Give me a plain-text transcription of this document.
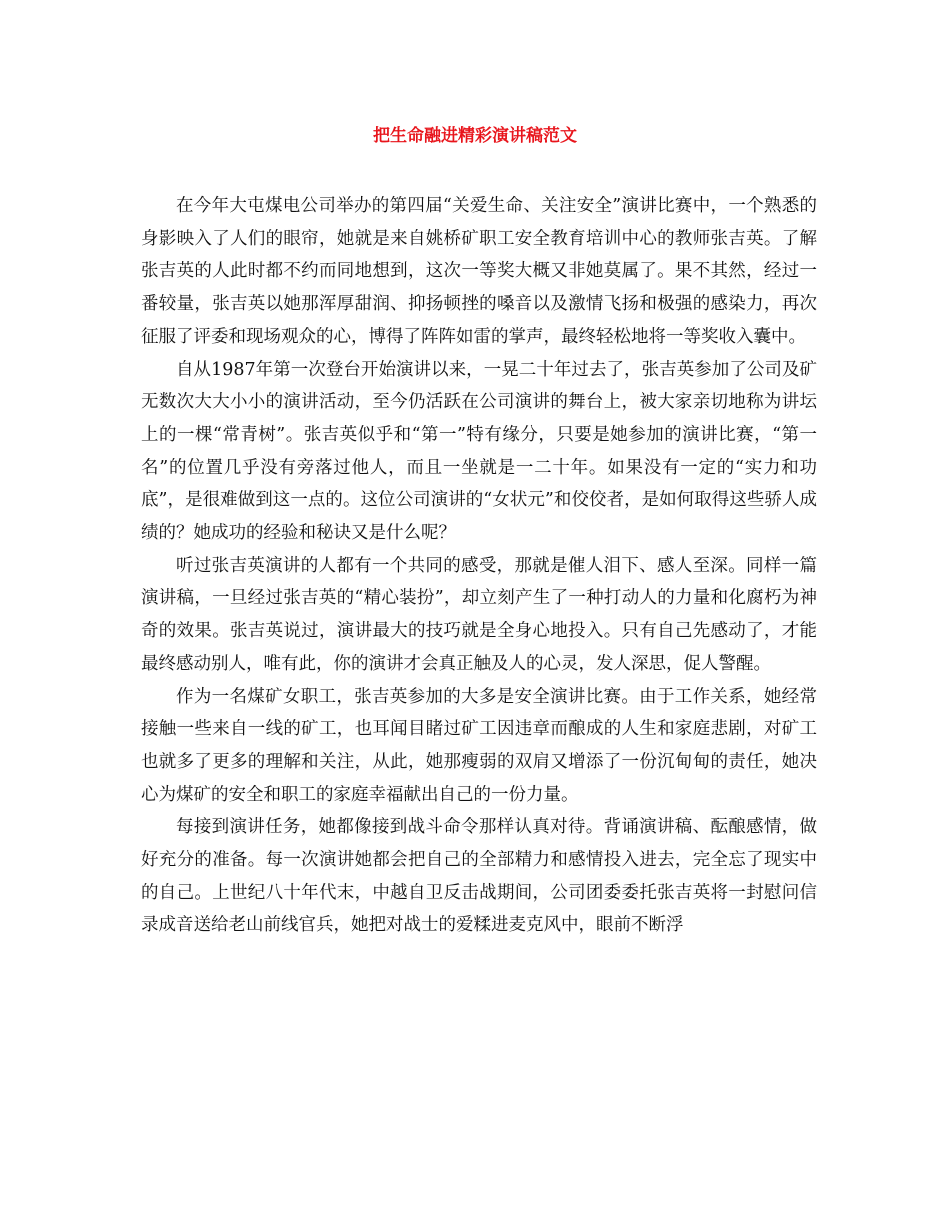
把生命融进精彩演讲稿范文

在今年大屯煤电公司举办的第四届“关爱生命、关注安全”演讲比赛中，一个熟悉的身影映入了人们的眼帘，她就是来自姚桥矿职工安全教育培训中心的教师张吉英。了解张吉英的人此时都不约而同地想到，这次一等奖大概又非她莫属了。果不其然，经过一番较量，张吉英以她那浑厚甜润、抑扬顿挫的嗓音以及激情飞扬和极强的感染力，再次征服了评委和现场观众的心，博得了阵阵如雷的掌声，最终轻松地将一等奖收入囊中。

自从1987年第一次登台开始演讲以来，一晃二十年过去了，张吉英参加了公司及矿无数次大大小小的演讲活动，至今仍活跃在公司演讲的舞台上，被大家亲切地称为讲坛上的一棵“常青树”。张吉英似乎和“第一”特有缘分，只要是她参加的演讲比赛，“第一名”的位置几乎没有旁落过他人，而且一坐就是一二十年。如果没有一定的“实力和功底”，是很难做到这一点的。这位公司演讲的“女状元”和佼佼者，是如何取得这些骄人成绩的？她成功的经验和秘诀又是什么呢？

听过张吉英演讲的人都有一个共同的感受，那就是催人泪下、感人至深。同样一篇演讲稿，一旦经过张吉英的“精心装扮”，却立刻产生了一种打动人的力量和化腐朽为神奇的效果。张吉英说过，演讲最大的技巧就是全身心地投入。只有自己先感动了，才能最终感动别人，唯有此，你的演讲才会真正触及人的心灵，发人深思，促人警醒。

作为一名煤矿女职工，张吉英参加的大多是安全演讲比赛。由于工作关系，她经常接触一些来自一线的矿工，也耳闻目睹过矿工因违章而酿成的人生和家庭悲剧，对矿工也就多了更多的理解和关注，从此，她那瘦弱的双肩又增添了一份沉甸甸的责任，她决心为煤矿的安全和职工的家庭幸福献出自己的一份力量。

每接到演讲任务，她都像接到战斗命令那样认真对待。背诵演讲稿、酝酿感情，做好充分的准备。每一次演讲她都会把自己的全部精力和感情投入进去，完全忘了现实中的自己。上世纪八十年代末，中越自卫反击战期间，公司团委委托张吉英将一封慰问信录成音送给老山前线官兵，她把对战士的爱糅进麦克风中，眼前不断浮
